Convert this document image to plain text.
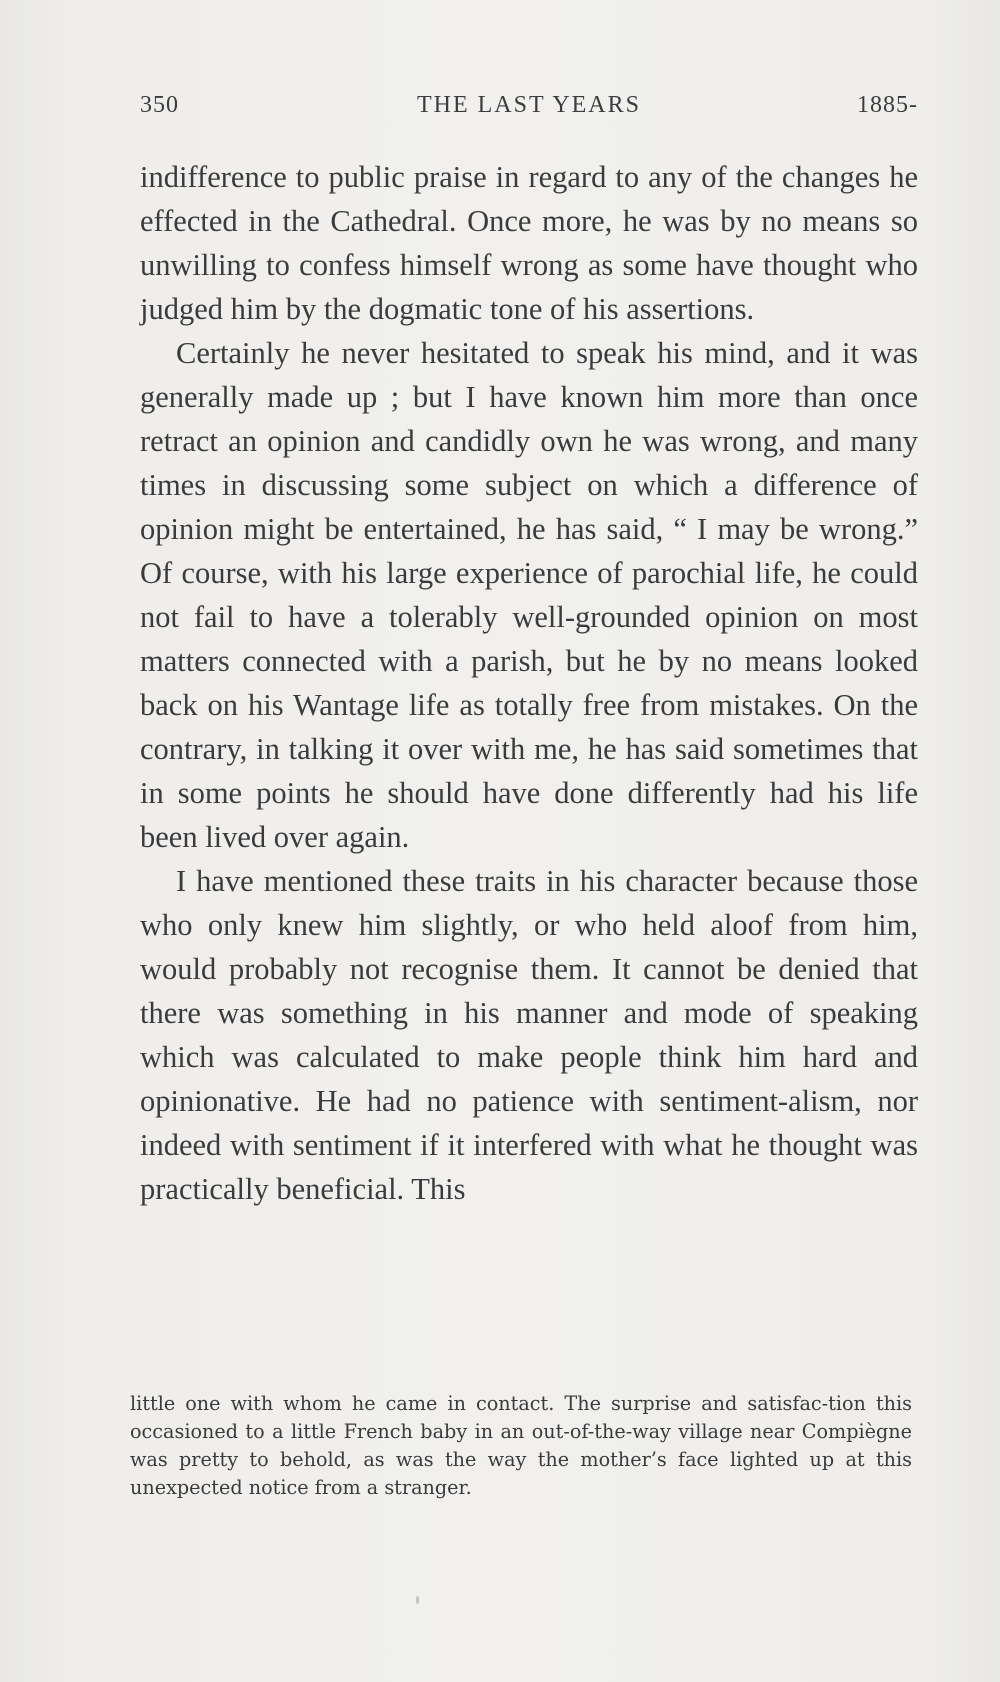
350	THE LAST YEARS	1885-

indifference to public praise in regard to any of the changes he effected in the Cathedral. Once more, he was by no means so unwilling to confess himself wrong as some have thought who judged him by the dogmatic tone of his assertions.

Certainly he never hesitated to speak his mind, and it was generally made up ; but I have known him more than once retract an opinion and candidly own he was wrong, and many times in discussing some subject on which a difference of opinion might be entertained, he has said, “ I may be wrong.” Of course, with his large experience of parochial life, he could not fail to have a tolerably well-grounded opinion on most matters connected with a parish, but he by no means looked back on his Wantage life as totally free from mistakes. On the contrary, in talking it over with me, he has said sometimes that in some points he should have done differently had his life been lived over again.

I have mentioned these traits in his character because those who only knew him slightly, or who held aloof from him, would probably not recognise them. It cannot be denied that there was something in his manner and mode of speaking which was calculated to make people think him hard and opinionative. He had no patience with sentiment-alism, nor indeed with sentiment if it interfered with what he thought was practically beneficial. This

little one with whom he came in contact. The surprise and satisfac-tion this occasioned to a little French baby in an out-of-the-way village near Compiègne was pretty to behold, as was the way the mother’s face lighted up at this unexpected notice from a stranger.
